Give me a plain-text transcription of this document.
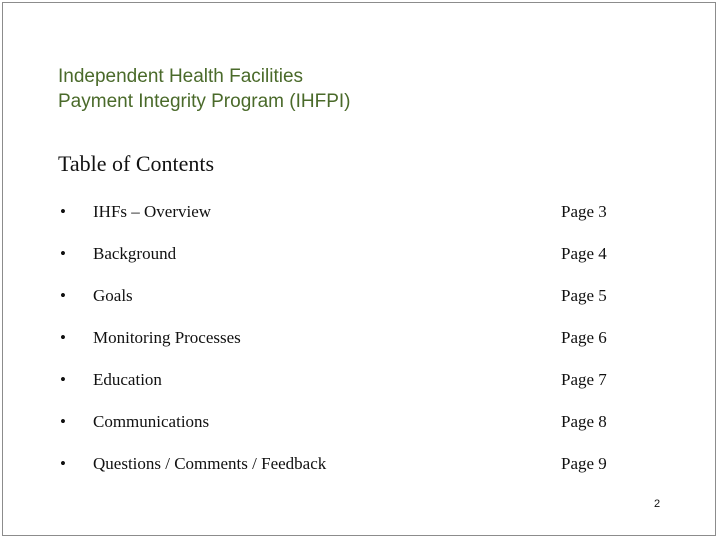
Independent Health Facilities
Payment Integrity Program (IHFPI)
Table of Contents
• IHFs – Overview	Page 3
• Background	Page 4
• Goals	Page 5
• Monitoring Processes	Page 6
• Education	Page 7
• Communications	Page 8
• Questions / Comments / Feedback	Page 9
2
